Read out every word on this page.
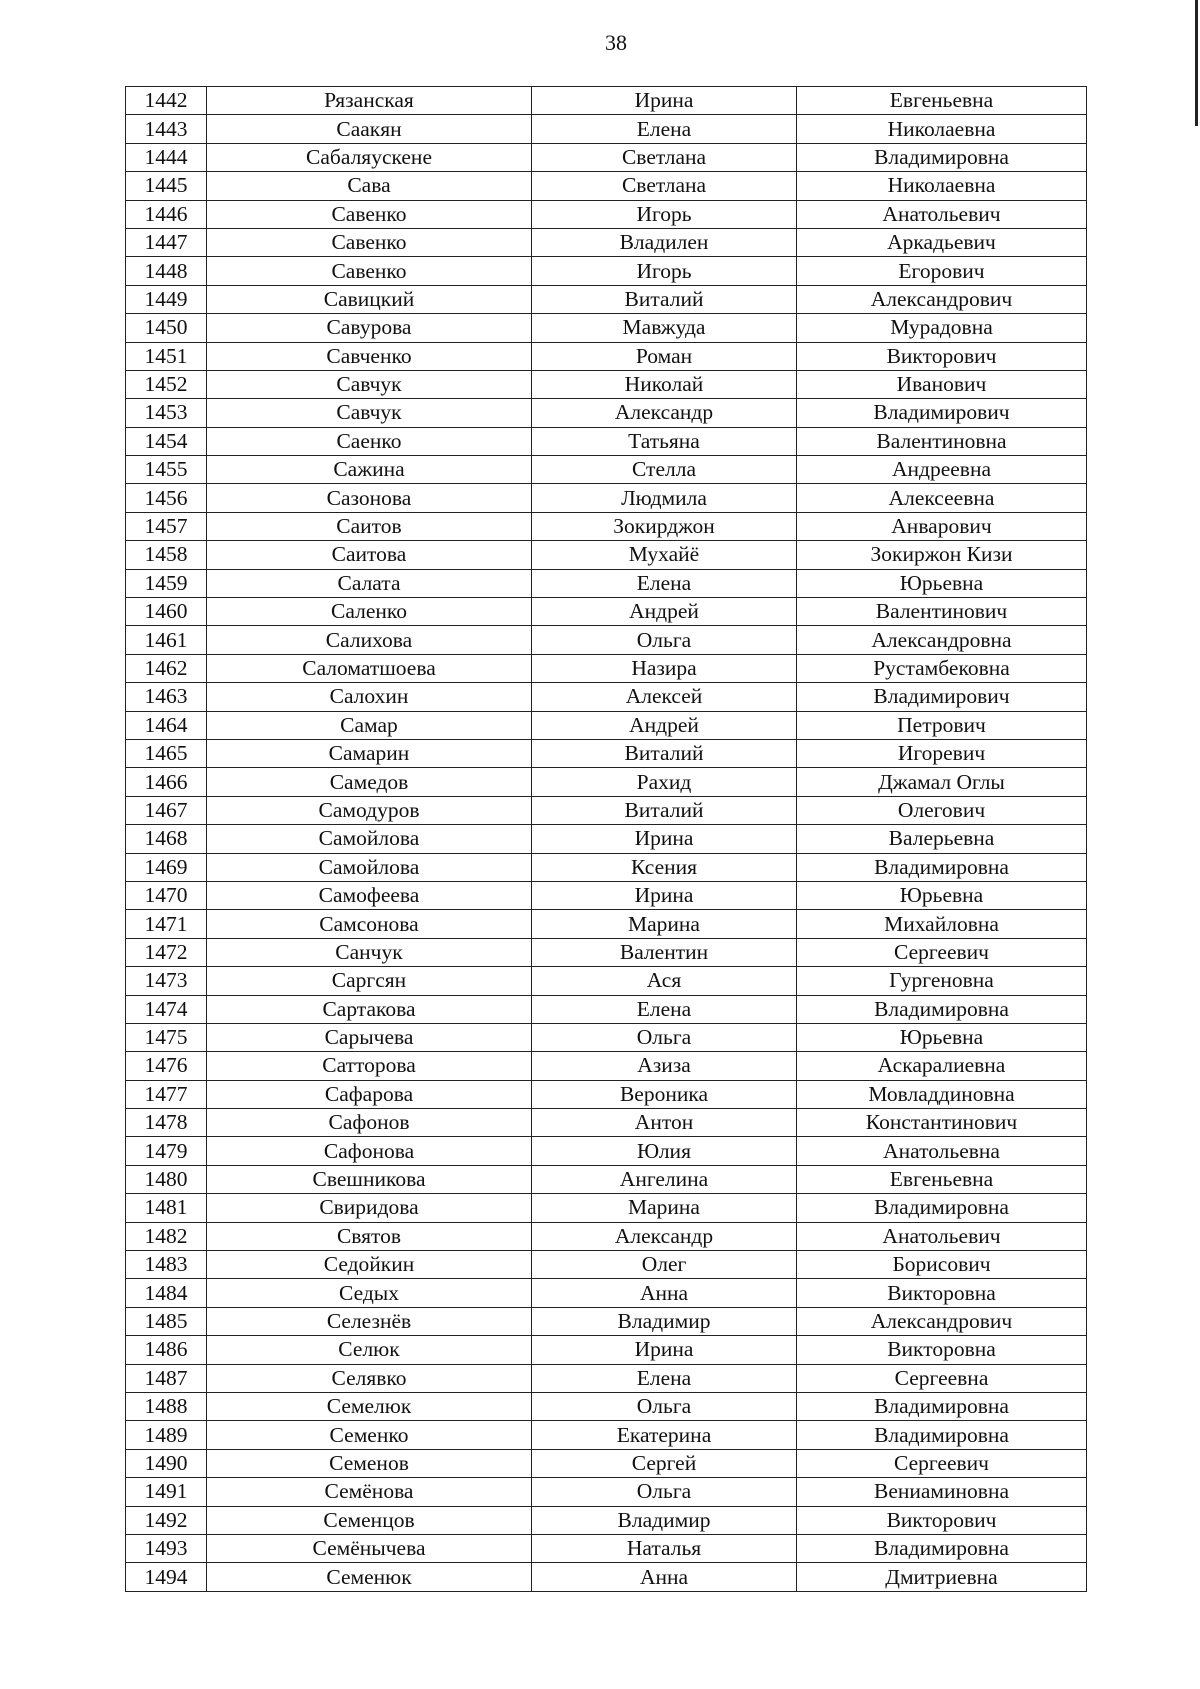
38
1442	Рязанская	Ирина	Евгеньевна
1443	Саакян	Елена	Николаевна
1444	Сабаляускене	Светлана	Владимировна
1445	Сава	Светлана	Николаевна
1446	Савенко	Игорь	Анатольевич
1447	Савенко	Владилен	Аркадьевич
1448	Савенко	Игорь	Егорович
1449	Савицкий	Виталий	Александрович
1450	Савурова	Мавжуда	Мурадовна
1451	Савченко	Роман	Викторович
1452	Савчук	Николай	Иванович
1453	Савчук	Александр	Владимирович
1454	Саенко	Татьяна	Валентиновна
1455	Сажина	Стелла	Андреевна
1456	Сазонова	Людмила	Алексеевна
1457	Саитов	Зокирджон	Анварович
1458	Саитова	Мухайё	Зокиржон Кизи
1459	Салата	Елена	Юрьевна
1460	Саленко	Андрей	Валентинович
1461	Салихова	Ольга	Александровна
1462	Саломатшоева	Назира	Рустамбековна
1463	Салохин	Алексей	Владимирович
1464	Самар	Андрей	Петрович
1465	Самарин	Виталий	Игоревич
1466	Самедов	Рахид	Джамал Оглы
1467	Самодуров	Виталий	Олегович
1468	Самойлова	Ирина	Валерьевна
1469	Самойлова	Ксения	Владимировна
1470	Самофеева	Ирина	Юрьевна
1471	Самсонова	Марина	Михайловна
1472	Санчук	Валентин	Сергеевич
1473	Саргсян	Ася	Гургеновна
1474	Сартакова	Елена	Владимировна
1475	Сарычева	Ольга	Юрьевна
1476	Сатторова	Азиза	Аскаралиевна
1477	Сафарова	Вероника	Мовладдиновна
1478	Сафонов	Антон	Константинович
1479	Сафонова	Юлия	Анатольевна
1480	Свешникова	Ангелина	Евгеньевна
1481	Свиридова	Марина	Владимировна
1482	Святов	Александр	Анатольевич
1483	Седойкин	Олег	Борисович
1484	Седых	Анна	Викторовна
1485	Селезнёв	Владимир	Александрович
1486	Селюк	Ирина	Викторовна
1487	Селявко	Елена	Сергеевна
1488	Семелюк	Ольга	Владимировна
1489	Семенко	Екатерина	Владимировна
1490	Семенов	Сергей	Сергеевич
1491	Семёнова	Ольга	Вениаминовна
1492	Семенцов	Владимир	Викторович
1493	Семёнычева	Наталья	Владимировна
1494	Семенюк	Анна	Дмитриевна
